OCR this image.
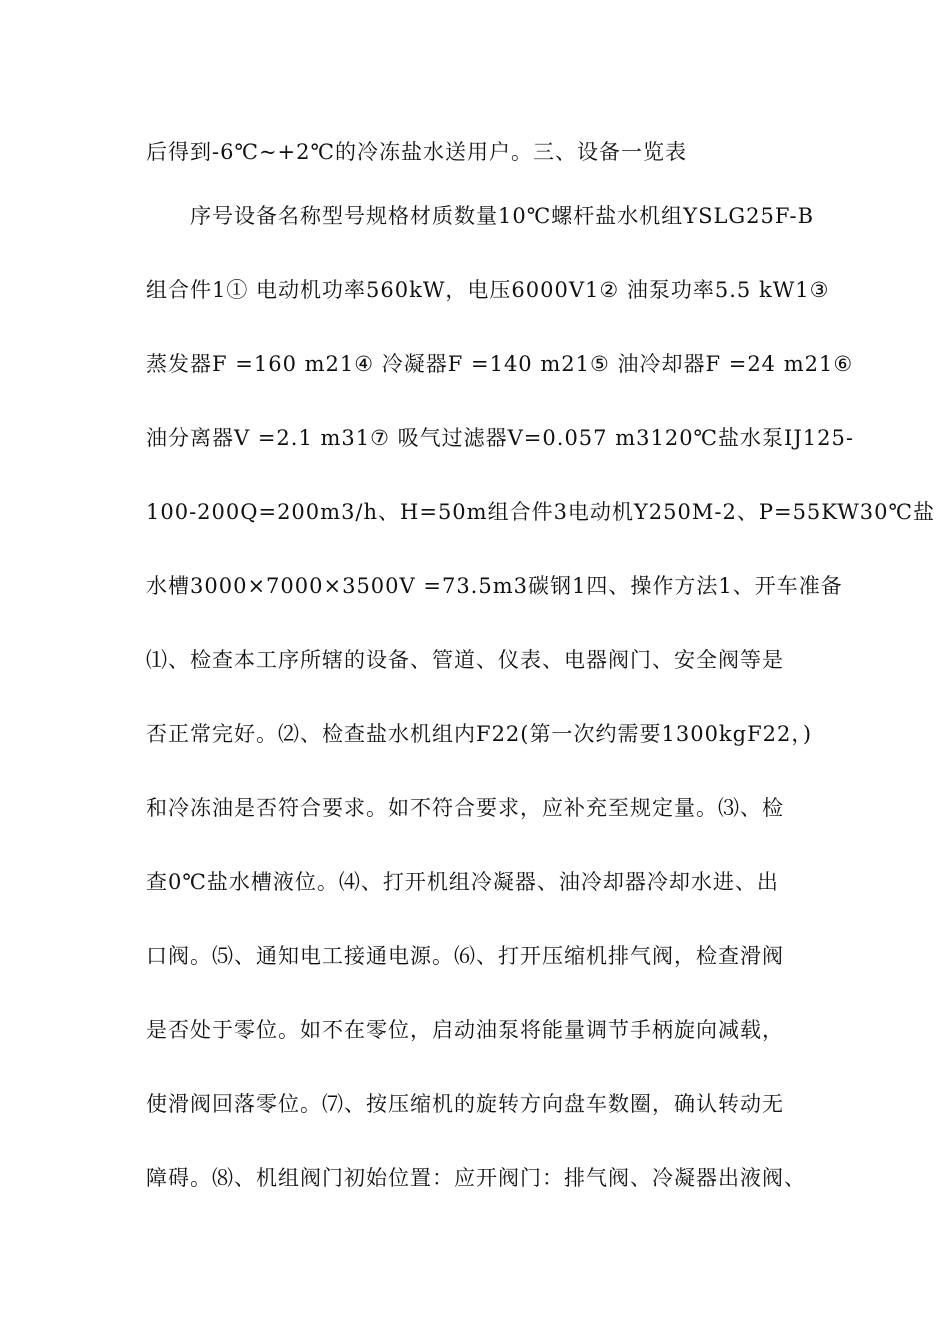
后得到-6℃~+2℃的冷冻盐水送用户。三、设备一览表
序号设备名称型号规格材质数量10℃螺杆盐水机组YSLG25F-B
组合件1① 电动机功率560kW，电压6000V1② 油泵功率5.5 kW1③
蒸发器F =160 m21④ 冷凝器F =140 m21⑤ 油冷却器F =24 m21⑥
油分离器V =2.1 m31⑦ 吸气过滤器V=0.057 m3120℃盐水泵IJ125-
100-200Q=200m3/h、H=50m组合件3电动机Y250M-2、P=55KW30℃盐
水槽3000×7000×3500V =73.5m3碳钢1四、操作方法1、开车准备
⑴、检查本工序所辖的设备、管道、仪表、电器阀门、安全阀等是
否正常完好。⑵、检查盐水机组内F22(第一次约需要1300kgF22，)
和冷冻油是否符合要求。如不符合要求，应补充至规定量。⑶、检
查0℃盐水槽液位。⑷、打开机组冷凝器、油冷却器冷却水进、出
口阀。⑸、通知电工接通电源。⑹、打开压缩机排气阀，检查滑阀
是否处于零位。如不在零位，启动油泵将能量调节手柄旋向减载，
使滑阀回落零位。⑺、按压缩机的旋转方向盘车数圈，确认转动无
障碍。⑻、机组阀门初始位置：应开阀门：排气阀、冷凝器出液阀、
